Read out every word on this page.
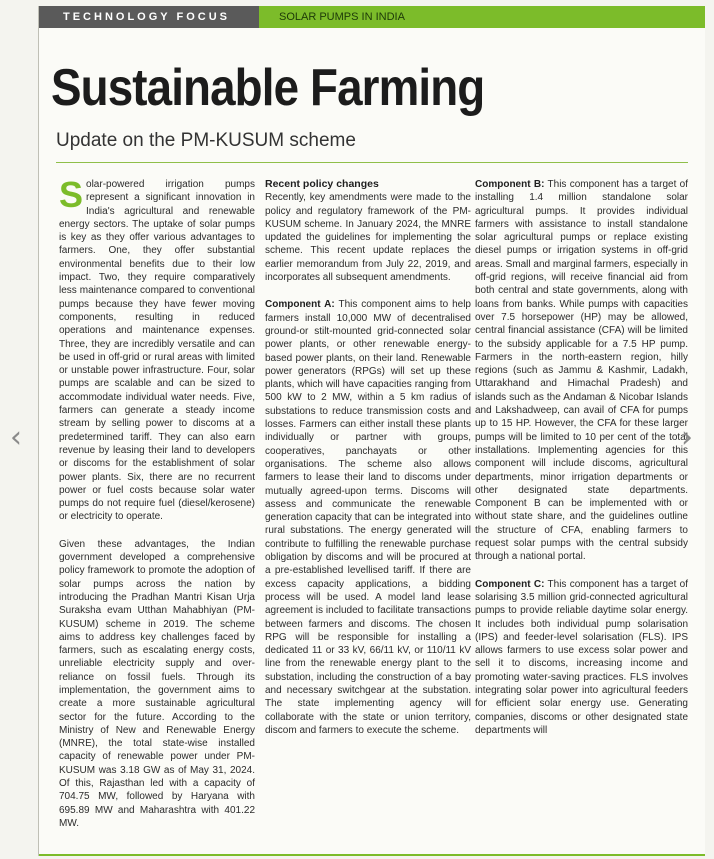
TECHNOLOGY FOCUS	SOLAR PUMPS IN INDIA
Sustainable Farming
Update on the PM-KUSUM scheme

Solar-powered irrigation pumps represent a significant innovation in India's agricultural and renewable energy sectors. The uptake of solar pumps is key as they offer various advantages to farmers. One, they offer substantial environmental benefits due to their low impact. Two, they require comparatively less maintenance compared to conventional pumps because they have fewer moving components, resulting in reduced operations and maintenance expenses. Three, they are incredibly versatile and can be used in off-grid or rural areas with limited or unstable power infrastructure. Four, solar pumps are scalable and can be sized to accommodate individual water needs. Five, farmers can generate a steady income stream by selling power to discoms at a predetermined tariff. They can also earn revenue by leasing their land to developers or discoms for the establishment of solar power plants. Six, there are no recurrent power or fuel costs because solar water pumps do not require fuel (diesel/kerosene) or electricity to operate.

Given these advantages, the Indian government developed a comprehensive policy framework to promote the adoption of solar pumps across the nation by introducing the Pradhan Mantri Kisan Urja Suraksha evam Utthan Mahabhiyan (PM-KUSUM) scheme in 2019. The scheme aims to address key challenges faced by farmers, such as escalating energy costs, unreliable electricity supply and over-reliance on fossil fuels. Through its implementation, the government aims to create a more sustainable agricultural sector for the future. According to the Ministry of New and Renewable Energy (MNRE), the total state-wise installed capacity of renewable power under PM-KUSUM was 3.18 GW as of May 31, 2024. Of this, Rajasthan led with a capacity of 704.75 MW, followed by Haryana with 695.89 MW and Maharashtra with 401.22 MW.

Recent policy changes

Recently, key amendments were made to the policy and regulatory framework of the PM-KUSUM scheme. In January 2024, the MNRE updated the guidelines for implementing the scheme. This recent update replaces the earlier memorandum from July 22, 2019, and incorporates all subsequent amendments.

Component A: This component aims to help farmers install 10,000 MW of decentralised ground-or stilt-mounted grid-connected solar power plants, or other renewable energy-based power plants, on their land. Renewable power generators (RPGs) will set up these plants, which will have capacities ranging from 500 kW to 2 MW, within a 5 km radius of substations to reduce transmission costs and losses. Farmers can either install these plants individually or partner with groups, cooperatives, panchayats or other organisations. The scheme also allows farmers to lease their land to discoms under mutually agreed-upon terms. Discoms will assess and communicate the renewable generation capacity that can be integrated into rural substations. The energy generated will contribute to fulfilling the renewable purchase obligation by discoms and will be procured at a pre-established levellised tariff. If there are excess capacity applications, a bidding process will be used. A model land lease agreement is included to facilitate transactions between farmers and discoms. The chosen RPG will be responsible for installing a dedicated 11 or 33 kV, 66/11 kV, or 110/11 kV line from the renewable energy plant to the substation, including the construction of a bay and necessary switchgear at the substation. The state implementing agency will collaborate with the state or union territory, discom and farmers to execute the scheme.

Component B: This component has a target of installing 1.4 million standalone solar agricultural pumps. It provides individual farmers with assistance to install standalone solar agricultural pumps or replace existing diesel pumps or irrigation systems in off-grid areas. Small and marginal farmers, especially in off-grid regions, will receive financial aid from both central and state governments, along with loans from banks. While pumps with capacities over 7.5 horsepower (HP) may be allowed, central financial assistance (CFA) will be limited to the subsidy applicable for a 7.5 HP pump. Farmers in the north-eastern region, hilly regions (such as Jammu & Kashmir, Ladakh, Uttarakhand and Himachal Pradesh) and islands such as the Andaman & Nicobar Islands and Lakshadweep, can avail of CFA for pumps up to 15 HP. However, the CFA for these larger pumps will be limited to 10 per cent of the total installations. Implementing agencies for this component will include discoms, agricultural departments, minor irrigation departments or other designated state departments. Component B can be implemented with or without state share, and the guidelines outline the structure of CFA, enabling farmers to request solar pumps with the central subsidy through a national portal.

Component C: This component has a target of solarising 3.5 million grid-connected agricultural pumps to provide reliable daytime solar energy. It includes both individual pump solarisation (IPS) and feeder-level solarisation (FLS). IPS allows farmers to use excess solar power and sell it to discoms, increasing income and promoting water-saving practices. FLS involves integrating solar power into agricultural feeders for efficient solar energy use. Generating companies, discoms or other designated state departments will

‹	›
